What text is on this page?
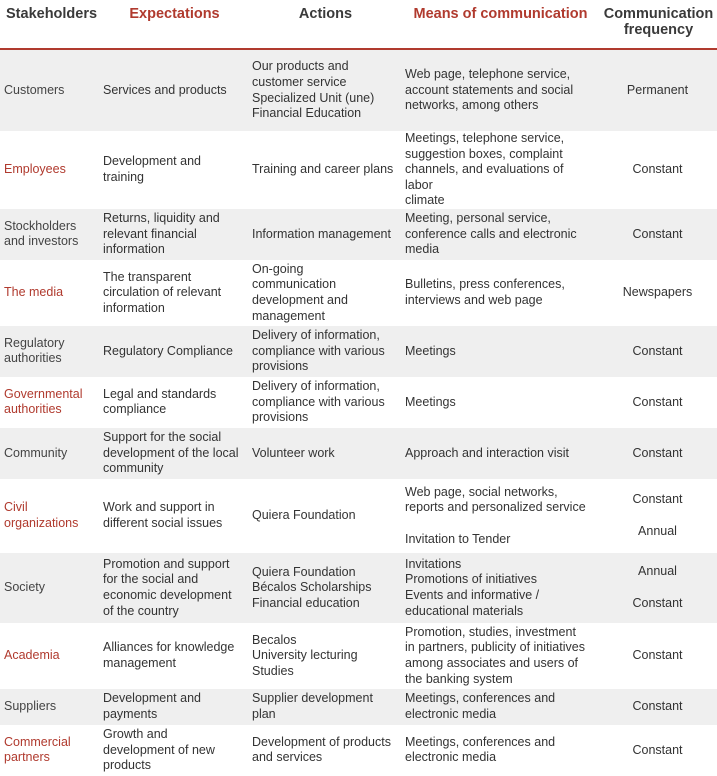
Stakeholders	Expectations	Actions	Means of communication	Communication frequency
Customers	Services and products	Our products and
customer service
Specialized Unit (une)
Financial Education	Web page, telephone service,
account statements and social
networks, among others	Permanent

Employees	Development and
training	Training and career plans	Meetings, telephone service,
suggestion boxes, complaint
channels, and evaluations of labor
climate	Constant

Stockholders
and investors	Returns, liquidity and
relevant financial
information	Information management	Meeting, personal service,
conference calls and electronic
media	Constant

The media	The transparent
circulation of relevant
information	On-going
communication
development and
management	Bulletins, press conferences,
interviews and web page	Newspapers

Regulatory
authorities	Regulatory Compliance	Delivery of information,
compliance with various
provisions	Meetings	Constant

Governmental
authorities	Legal and standards
compliance	Delivery of information,
compliance with various
provisions	Meetings	Constant

Community	Support for the social
development of the local
community	Volunteer work	Approach and interaction visit	Constant

Civil
organizations	Work and support in
different social issues	Quiera Foundation	Web page, social networks,
reports and personalized service
Invitation to Tender	Constant
Annual

Society	Promotion and support
for the social and
economic development
of the country	Quiera Foundation
Bécalos Scholarships
Financial education	Invitations
Promotions of initiatives
Events and informative /
educational materials	Annual
Constant

Academia	Alliances for knowledge
management	Becalos
University lecturing
Studies	Promotion, studies, investment
in partners, publicity of initiatives
among associates and users of
the banking system	Constant

Suppliers	Development and
payments	Supplier development
plan	Meetings, conferences and
electronic media	Constant

Commercial
partners	Growth and
development of new
products	Development of products
and services	Meetings, conferences and
electronic media	Constant
